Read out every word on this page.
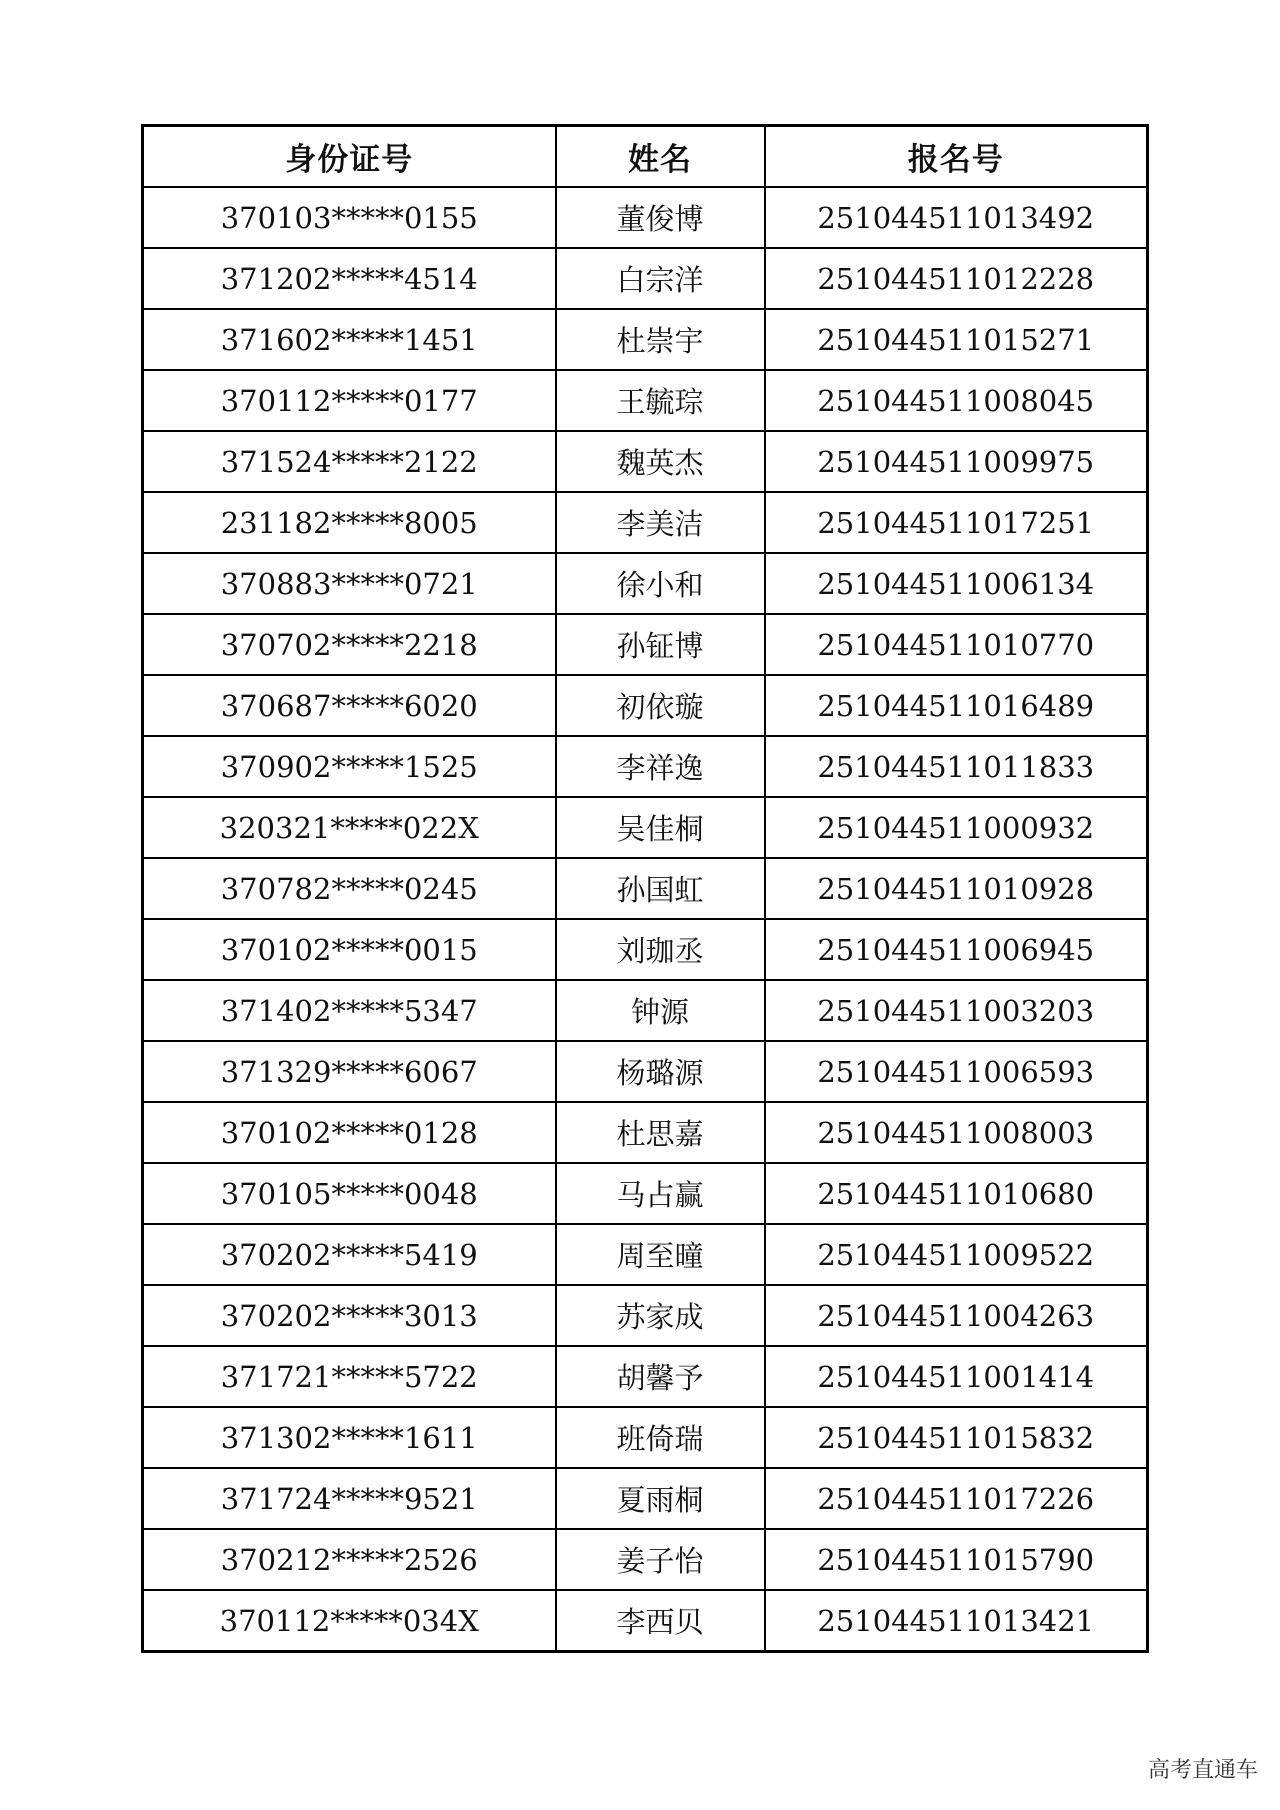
身份证号	姓名	报名号
370103*****0155	董俊博	251044511013492
371202*****4514	白宗洋	251044511012228
371602*****1451	杜崇宇	251044511015271
370112*****0177	王毓琮	251044511008045
371524*****2122	魏英杰	251044511009975
231182*****8005	李美洁	251044511017251
370883*****0721	徐小和	251044511006134
370702*****2218	孙钲博	251044511010770
370687*****6020	初依璇	251044511016489
370902*****1525	李祥逸	251044511011833
320321*****022X	吴佳桐	251044511000932
370782*****0245	孙国虹	251044511010928
370102*****0015	刘珈丞	251044511006945
371402*****5347	钟源	251044511003203
371329*****6067	杨璐源	251044511006593
370102*****0128	杜思嘉	251044511008003
370105*****0048	马占赢	251044511010680
370202*****5419	周至曈	251044511009522
370202*****3013	苏家成	251044511004263
371721*****5722	胡馨予	251044511001414
371302*****1611	班倚瑞	251044511015832
371724*****9521	夏雨桐	251044511017226
370212*****2526	姜子怡	251044511015790
370112*****034X	李西贝	251044511013421
高考直通车
